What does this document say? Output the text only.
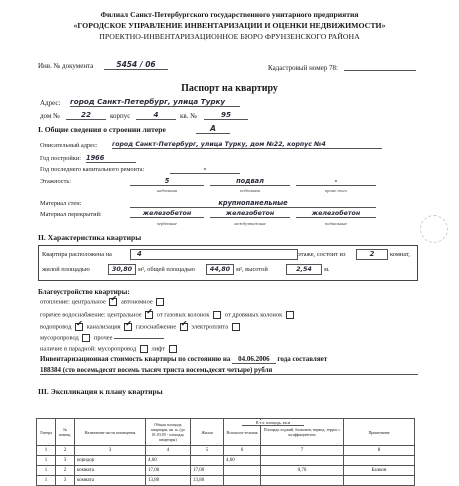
Филиал Санкт-Петербургского государственного унитарного предприятия
«ГОРОДСКОЕ УПРАВЛЕНИЕ ИНВЕНТАРИЗАЦИИ И ОЦЕНКИ НЕДВИЖИМОСТИ»
ПРОЕКТНО-ИНВЕНТАРИЗАЦИОННОЕ БЮРО ФРУНЗЕНСКОГО РАЙОНА
Инв. № документа	5454 / 06	Кадастровый номер 78:
Паспорт на квартиру
Адрес: город Санкт-Петербург, улица Турку
дом №	22	корпус	4	кв. №	95
I. Общие сведения о строении литере	А
Описательный адрес: город Санкт-Петербург, улица Турку, дом №22, корпус №4
Год постройки: 1966
Год последнего капитального ремонта:	-
Этажность:	5	подвал	-
надземная	подземная	кроме того
Материал стен:	крупнопанельные
Материал перекрытий:	железобетон	железобетон	железобетон
чердачные	междуэтажные	подвальные
II. Характеристика квартиры
Квартира расположена на	4	этаже, состоит из	2	комнат,
жилой площадью	30,80 м², общей площадью	44,80 м², высотой	2,54	м.
Благоустройство квартиры:
отопление: центральное ✔ автономное
горячее водоснабжение: центральное ✔ от газовых колонок от дровяных колонок
водопровод ✔ канализация ✔ газоснабжение ✔ электроплита
мусоропровод прочее
наличие в парадной: мусоропровод лифт
Инвентаризационная стоимость квартиры по состоянию на 04.06.2006 года составляет
188384 (сто восемьдесят восемь тысяч триста восемьдесят четыре) рубля
III. Экспликация к плану квартиры
Литера	№ помещ.	Назначение части помещения	Общая площадь квартиры, кв. м. (до 01.03.05 - площадь квартиры)	Жилая	Вспомога-тельная	Площадь лоджий, балконов, веранд, террас с коэффициентом	Примечание
1	2	3	4	5	6	7	8
1	3	коридор	4,60		4,60		
1	2	комната	17,00	17,00		0,70	Балкон
1	3	комната	13,80	13,80			
В т.ч. площадь, кв.м
